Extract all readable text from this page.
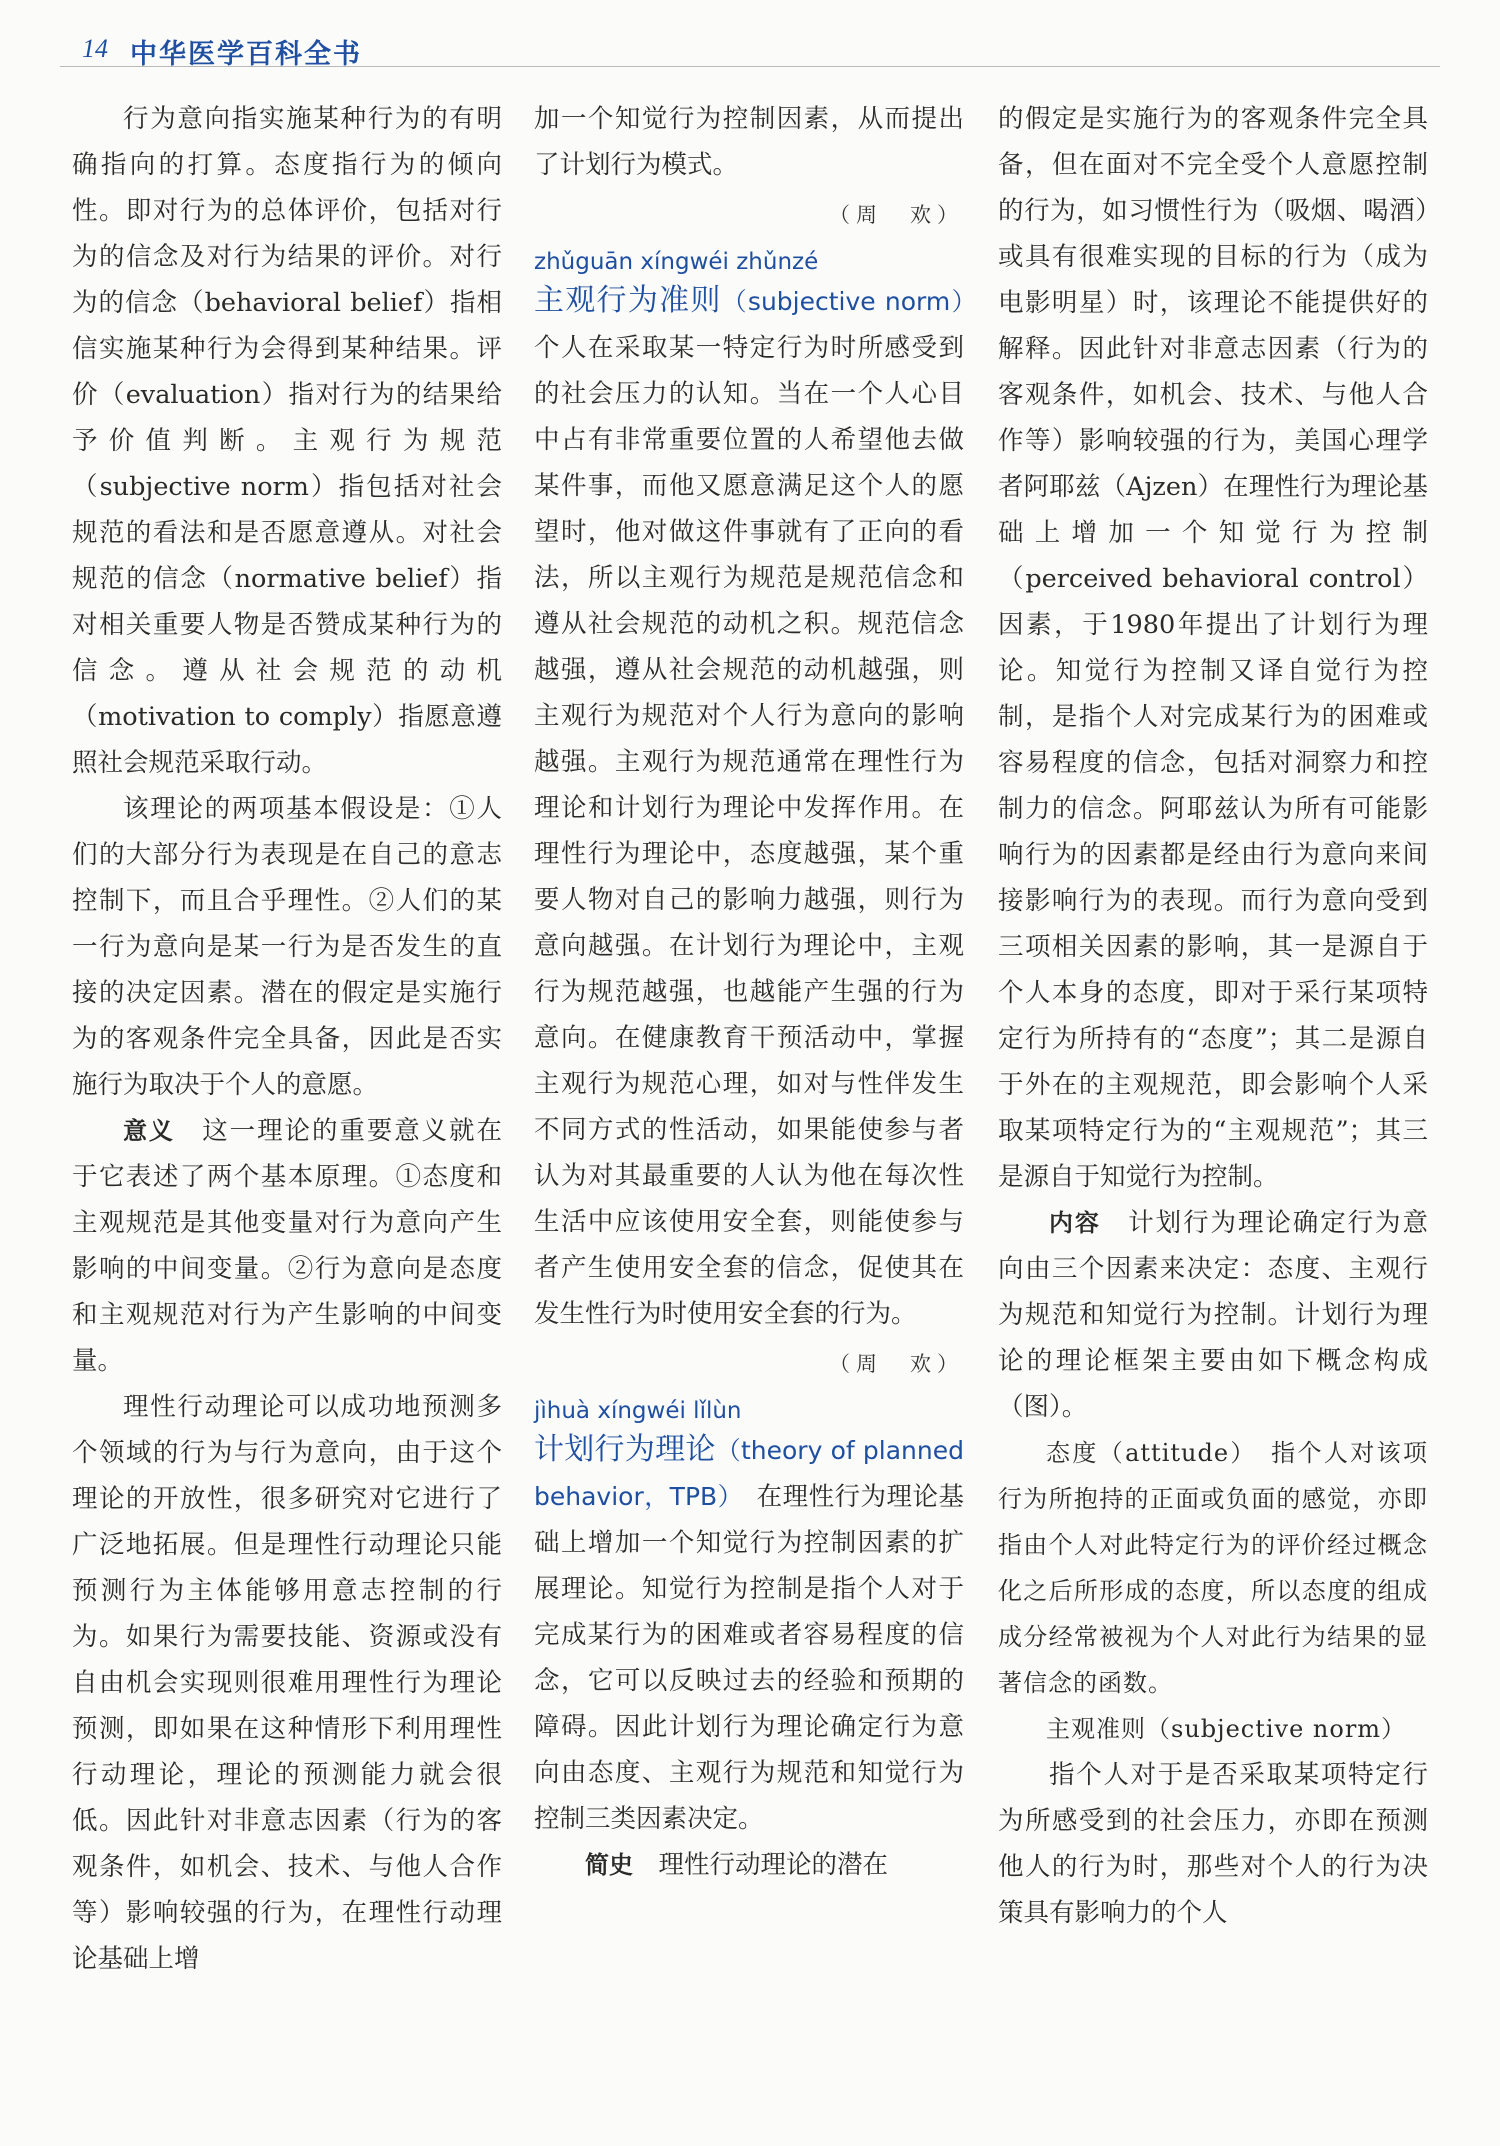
14 中华医学百科全书

行为意向指实施某种行为的有明确指向的打算。态度指行为的倾向性。即对行为的总体评价，包括对行为的信念及对行为结果的评价。对行为的信念（behavioral belief）指相信实施某种行为会得到某种结果。评价（evaluation）指对行为的结果给予价值判断。主观行为规范（subjective norm）指包括对社会规范的看法和是否愿意遵从。对社会规范的信念（normative belief）指对相关重要人物是否赞成某种行为的信念。遵从社会规范的动机（motivation to comply）指愿意遵照社会规范采取行动。

该理论的两项基本假设是：①人们的大部分行为表现是在自己的意志控制下，而且合乎理性。②人们的某一行为意向是某一行为是否发生的直接的决定因素。潜在的假定是实施行为的客观条件完全具备，因此是否实施行为取决于个人的意愿。

意义　 这一理论的重要意义就在于它表述了两个基本原理。①态度和主观规范是其他变量对行为意向产生影响的中间变量。②行为意向是态度和主观规范对行为产生影响的中间变量。

理性行动理论可以成功地预测多个领域的行为与行为意向，由于这个理论的开放性，很多研究对它进行了广泛地拓展。但是理性行动理论只能预测行为主体能够用意志控制的行为。如果行为需要技能、资源或没有自由机会实现则很难用理性行为理论预测，即如果在这种情形下利用理性行动理论，理论的预测能力就会很低。因此针对非意志因素（行为的客观条件，如机会、技术、与他人合作等）影响较强的行为，在理性行动理论基础上增

加一个知觉行为控制因素，从而提出了计划行为模式。

（周　欢）
zhǔguān xíngwéi zhǔnzé

主观行为准则（subjective norm）　个人在采取某一特定行为时所感受到的社会压力的认知。当在一个人心目中占有非常重要位置的人希望他去做某件事，而他又愿意满足这个人的愿望时，他对做这件事就有了正向的看法，所以主观行为规范是规范信念和遵从社会规范的动机之积。规范信念越强，遵从社会规范的动机越强，则主观行为规范对个人行为意向的影响越强。主观行为规范通常在理性行为理论和计划行为理论中发挥作用。在理性行为理论中，态度越强，某个重要人物对自己的影响力越强，则行为意向越强。在计划行为理论中，主观行为规范越强，也越能产生强的行为意向。在健康教育干预活动中，掌握主观行为规范心理，如对与性伴发生不同方式的性活动，如果能使参与者认为对其最重要的人认为他在每次性生活中应该使用安全套，则能使参与者产生使用安全套的信念，促使其在发生性行为时使用安全套的行为。

（周　欢）
jìhuà xíngwéi lǐlùn

计划行为理论（theory of planned behavior，TPB）　 在理性行为理论基础上增加一个知觉行为控制因素的扩展理论。知觉行为控制是指个人对于完成某行为的困难或者容易程度的信念，它可以反映过去的经验和预期的障碍。因此计划行为理论确定行为意向由态度、主观行为规范和知觉行为控制三类因素决定。

简史　 理性行动理论的潜在

的假定是实施行为的客观条件完全具备，但在面对不完全受个人意愿控制的行为，如习惯性行为（吸烟、喝酒）或具有很难实现的目标的行为（成为电影明星）时，该理论不能提供好的解释。因此针对非意志因素（行为的客观条件，如机会、技术、与他人合作等）影响较强的行为，美国心理学者阿耶兹（Ajzen）在理性行为理论基础上增加一个知觉行为控制（perceived behavioral control）因素，于1980年提出了计划行为理论。知觉行为控制又译自觉行为控制，是指个人对完成某行为的困难或容易程度的信念，包括对洞察力和控制力的信念。阿耶兹认为所有可能影响行为的因素都是经由行为意向来间接影响行为的表现。而行为意向受到三项相关因素的影响，其一是源自于个人本身的态度，即对于采行某项特定行为所持有的“态度”；其二是源自于外在的主观规范，即会影响个人采取某项特定行为的“主观规范”；其三是源自于知觉行为控制。

内容　 计划行为理论确定行为意向由三个因素来决定：态度、主观行为规范和知觉行为控制。计划行为理论的理论框架主要由如下概念构成（图）。

态度（attitude）　 指个人对该项行为所抱持的正面或负面的感觉，亦即指由个人对此特定行为的评价经过概念化之后所形成的态度，所以态度的组成成分经常被视为个人对此行为结果的显著信念的函数。

主观准则（subjective norm）

指个人对于是否采取某项特定行为所感受到的社会压力，亦即在预测他人的行为时，那些对个人的行为决策具有影响力的个人
